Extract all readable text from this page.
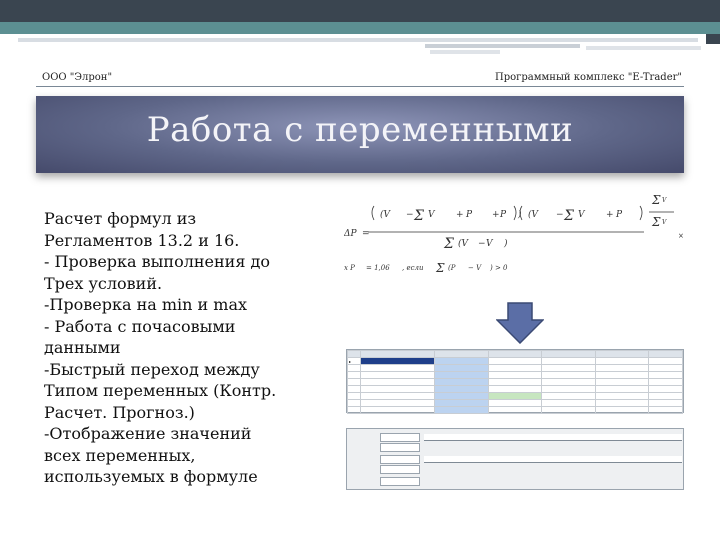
ООО "Элрон"	Программный комплекс "E-Trader"
Работа с переменными
Расчет формул из
Регламентов 13.2 и 16.
- Проверка выполнения до
Трех условий.
-Проверка на min и max
- Работа с почасовыми
данными
-Быстрый переход между
Типом переменных (Контр.
Расчет. Прогноз.)
-Отображение значений
всех переменных,
используемых в формуле
ΔP =
(V − Σ V + P + P ) (V − Σ V + P
Σ V
Σ V
Σ (V − V )
×
x P = 1,06 , если Σ (P − V ) > 0

▸						
